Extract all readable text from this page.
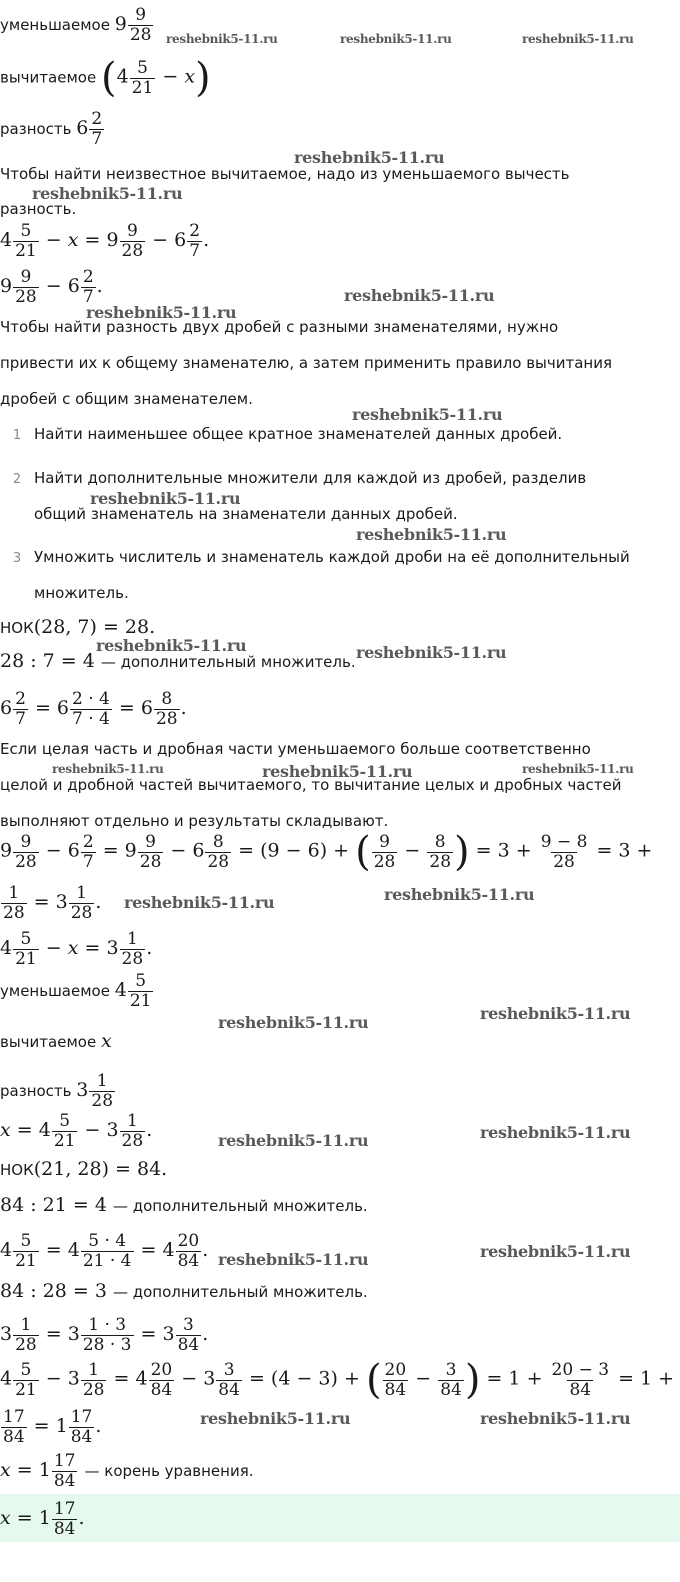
уменьшаемое $9 \frac{9}{28}$
вычитаемое $(4 \frac{5}{21} - x)$
разность $6 \frac{2}{7}$
Чтобы найти неизвестное вычитаемое, надо из уменьшаемого вычесть
разность.
$4 \frac{5}{21} - x = 9 \frac{9}{28} - 6 \frac{2}{7}$ .
$9 \frac{9}{28} - 6 \frac{2}{7}$ .
Чтобы найти разность двух дробей с разными знаменателями, нужно
привести их к общему знаменателю, а затем применить правило вычитания
дробей с общим знаменателем.
1 Найти наименьшее общее кратное знаменателей данных дробей.
2 Найти дополнительные множители для каждой из дробей, разделив
общий знаменатель на знаменатели данных дробей.
3 Умножить числитель и знаменатель каждой дроби на её дополнительный
множитель.
НОК(28, 7) = 28.
28 : 7 = 4 — дополнительный множитель.
$6 \frac{2}{7} = 6 \frac{2 \cdot 4}{7 \cdot 4} = 6 \frac{8}{28}$ .
Если целая часть и дробная части уменьшаемого больше соответственно
целой и дробной частей вычитаемого, то вычитание целых и дробных частей
выполняют отдельно и результаты складывают.
$9 \frac{9}{28} - 6 \frac{2}{7} = 9 \frac{9}{28} - 6 \frac{8}{28} = (9 - 6)$ + ( $\frac{9}{28} - \frac{8}{28}$ ) = $3 + \frac{9 - 8}{28} = 3$ +
$\frac{1}{28} = 3 \frac{1}{28}$ .
$4 \frac{5}{21} - x = 3 \frac{1}{28}$ .
уменьшаемое $4 \frac{5}{21}$
вычитаемое x
разность $3 \frac{1}{28}$
$x = 4 \frac{5}{21} - 3 \frac{1}{28}$ .
НОК(21, 28) = 84.
84 : 21 = 4 — дополнительный множитель.
$4 \frac{5}{21} = 4 \frac{5 \cdot 4}{21 \cdot 4} = 4 \frac{20}{84}$ .
84 : 28 = 3 — дополнительный множитель.
$3 \frac{1}{28} = 3 \frac{1 \cdot 3}{28 \cdot 3} = 3 \frac{3}{84}$ .
$4 \frac{5}{21} - 3 \frac{1}{28} = 4 \frac{20}{84} - 3 \frac{3}{84} = (4 - 3)$ + ( $\frac{20}{84} - \frac{3}{84}$ ) = $1 + \frac{20 - 3}{84} = 1$ +
$\frac{17}{84} = 1 \frac{17}{84}$ .
$x = 1 \frac{17}{84}$ — корень уравнения.
$x = 1 \frac{17}{84}$ .
reshebnik5-11.ru	reshebnik5-11.ru	reshebnik5-11.ru
reshebnik5-11.ru
reshebnik5-11.ru
reshebnik5-11.ru
reshebnik5-11.ru
reshebnik5-11.ru
reshebnik5-11.ru
reshebnik5-11.ru
reshebnik5-11.ru	reshebnik5-11.ru
reshebnik5-11.ru	reshebnik5-11.ru	reshebnik5-11.ru
reshebnik5-11.ru
reshebnik5-11.ru
reshebnik5-11.ru
reshebnik5-11.ru
reshebnik5-11.ru
reshebnik5-11.ru
reshebnik5-11.ru	reshebnik5-11.ru
reshebnik5-11.ru	reshebnik5-11.ru
